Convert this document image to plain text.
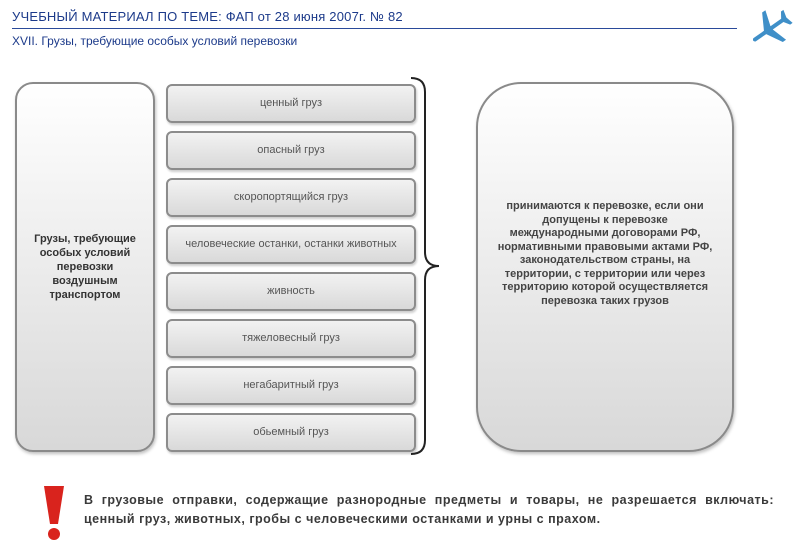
УЧЕБНЫЙ МАТЕРИАЛ ПО ТЕМЕ: ФАП от 28 июня 2007г. № 82
XVII. Грузы, требующие особых условий перевозки
Грузы, требующие особых условий перевозки воздушным транспортом
ценный груз
опасный груз
скоропортящийся груз
человеческие останки, останки животных
живность
тяжеловесный груз
негабаритный груз
обьемный груз
принимаются к перевозке, если они допущены к перевозке международными договорами РФ, нормативными правовыми актами РФ, законодательством страны, на территории, с территории или через территорию которой осуществляется перевозка таких грузов
В грузовые отправки, содержащие разнородные предметы и товары, не разрешается включать: ценный груз, животных, гробы с человеческими останками и урны с прахом.
